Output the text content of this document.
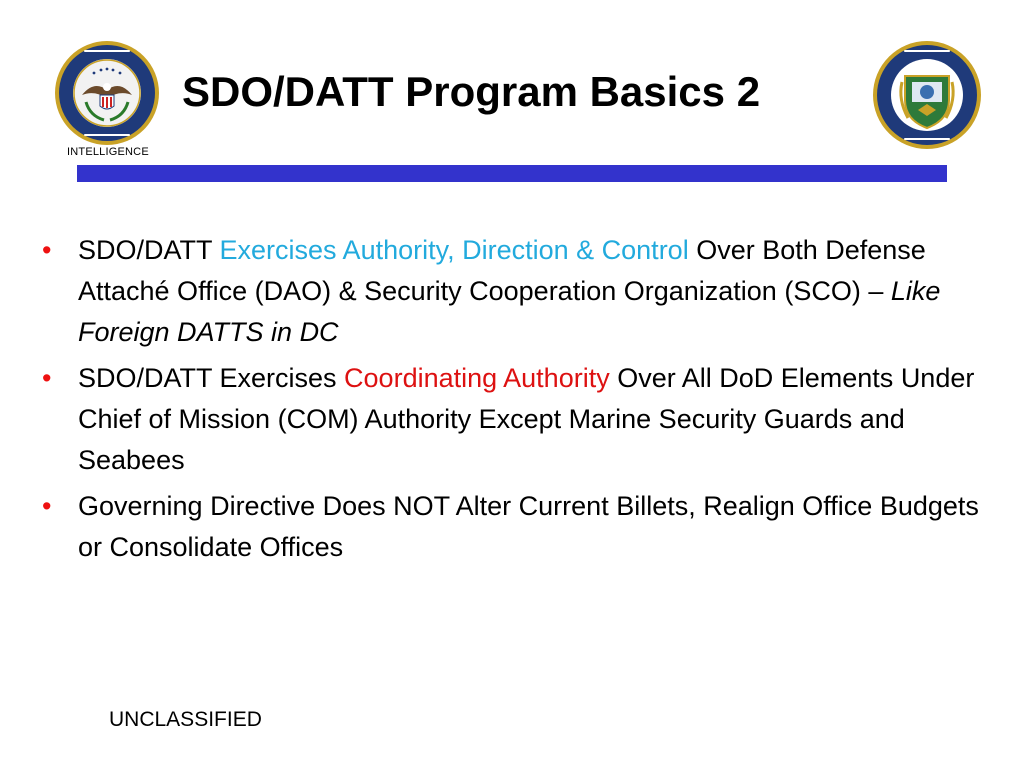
INTELLIGENCE
SDO/DATT Program Basics 2
• SDO/DATT Exercises Authority, Direction & Control Over Both Defense Attaché Office (DAO) & Security Cooperation Organization (SCO) – Like Foreign DATTS in DC
• SDO/DATT Exercises Coordinating Authority Over All DoD Elements Under Chief of Mission (COM) Authority Except Marine Security Guards and Seabees
• Governing Directive Does NOT Alter Current Billets, Realign Office Budgets or Consolidate Offices
UNCLASSIFIED
